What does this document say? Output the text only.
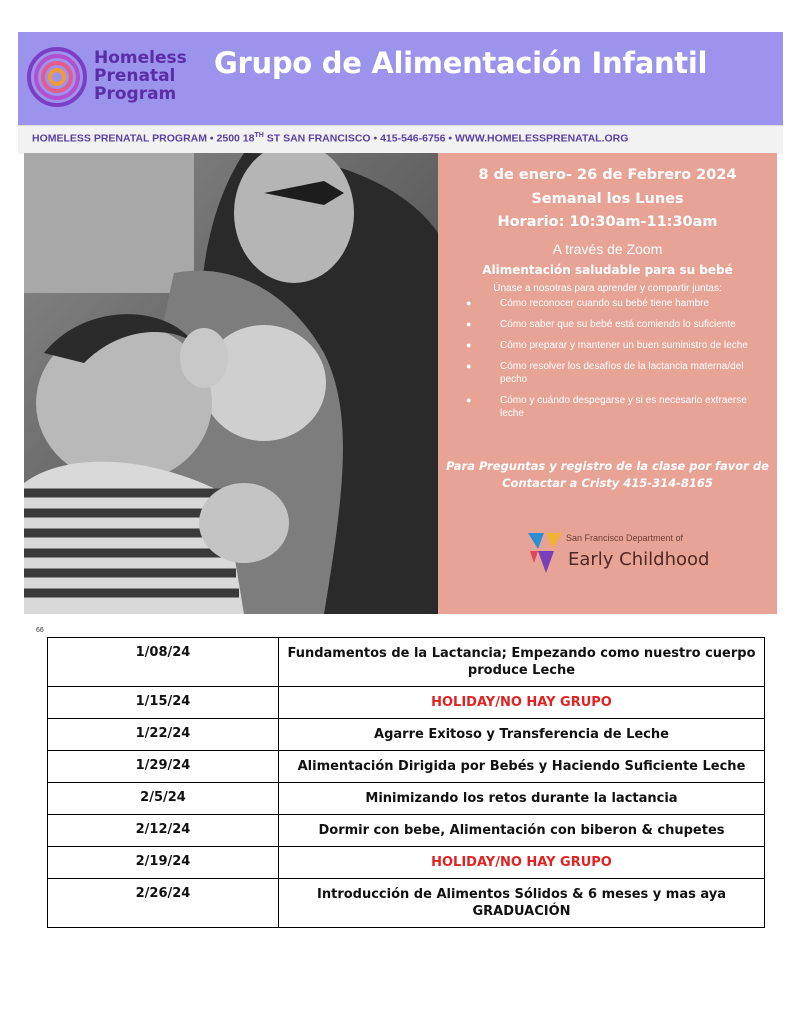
Homeless
Prenatal
Program
Grupo de Alimentación Infantil
HOMELESS PRENATAL PROGRAM • 2500 18TH ST SAN FRANCISCO • 415-546-6756 • WWW.HOMELESSPRENATAL.ORG
8 de enero- 26 de Febrero 2024
Semanal los Lunes
Horario: 10:30am-11:30am
A través de Zoom
Alimentación saludable para su bebé
Únase a nosotras para aprender y compartir juntas:
●	Cómo reconocer cuando su bebé tiene hambre
●	Cómo saber que su bebé está comiendo lo suficiente
●	Cómo preparar y mantener un buen suministro de leche
●	Cómo resolver los desafíos de la lactancia materna/del pecho
●	Cómo y cuándo despegarse y si es necesario extraerse leche
Para Preguntas y registro de la clase por favor de
Contactar a Cristy 415-314-8165
San Francisco Department of
Early Childhood
66
1/08/24	Fundamentos de la Lactancia; Empezando como nuestro cuerpo produce Leche
1/15/24	HOLIDAY/NO HAY GRUPO
1/22/24	Agarre Exitoso y Transferencia de Leche
1/29/24	Alimentación Dirigida por Bebés y Haciendo Suficiente Leche
2/5/24	Minimizando los retos durante la lactancia
2/12/24	Dormir con bebe, Alimentación con biberon & chupetes
2/19/24	HOLIDAY/NO HAY GRUPO
2/26/24	Introducción de Alimentos Sólidos & 6 meses y mas aya GRADUACIÓN
